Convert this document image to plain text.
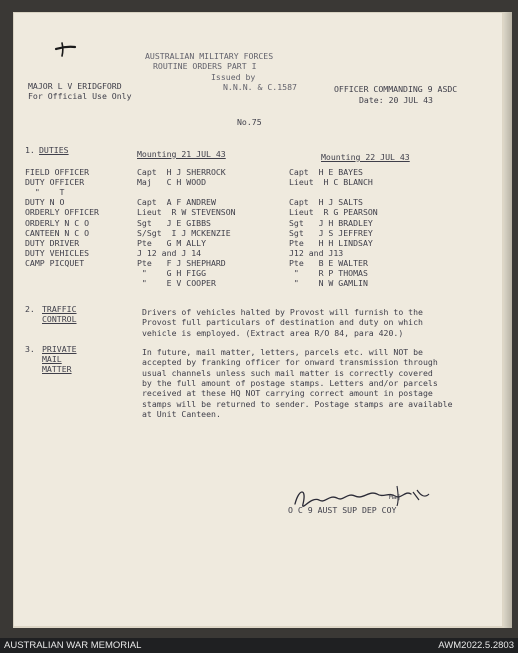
AUSTRALIAN MILITARY FORCES
ROUTINE ORDERS PART I
Issued by
MAJOR L V ERIDGFORD
For Official Use Only
N.N.N. & C.1587	OFFICER COMMANDING 9 ASDC
Date: 20 JUL 43
No.75
1. DUTIES	Mounting 21 JUL 43	Mounting 22 JUL 43
FIELD OFFICER	Capt  H J SHERROCK	Capt  H E BAYES
DUTY OFFICER	Maj   C H WOOD	Lieut  H C BLANCH
"    T
DUTY N O	Capt  A F ANDREW	Capt  H J SALTS
ORDERLY OFFICER	Lieut  R W STEVENSON	Lieut  R G PEARSON
ORDERLY N C O	Sgt   J E GIBBS	Sgt   J H BRADLEY
CANTEEN N C O	S/Sgt  I J MCKENZIE	Sgt   J S JEFFREY
DUTY DRIVER	Pte   G M ALLY	Pte   H H LINDSAY
DUTY VEHICLES	J 12 and J 14	J12 and J13
CAMP PICQUET	Pte   F J SHEPHARD	Pte   B E WALTER
"    G H FIGG	"    R P THOMAS
"    E V COOPER	"    N W GAMLIN
2. TRAFFIC
CONTROL
Drivers of vehicles halted by Provost will furnish to the
Provost full particulars of destination and duty on which
vehicle is employed. (Extract area R/O 84, para 420.)
3. PRIVATE
MAIL
MATTER
In future, mail matter, letters, parcels etc. will NOT be
accepted by franking officer for onward transmission through
usual channels unless such mail matter is correctly covered
by the full amount of postage stamps. Letters and/or parcels
received at these HQ NOT carrying correct amount in postage
stamps will be returned to sender. Postage stamps are available
at Unit Canteen.
Maj
O C 9 AUST SUP DEP COY
AUSTRALIAN WAR MEMORIAL	AWM2022.5.2803
